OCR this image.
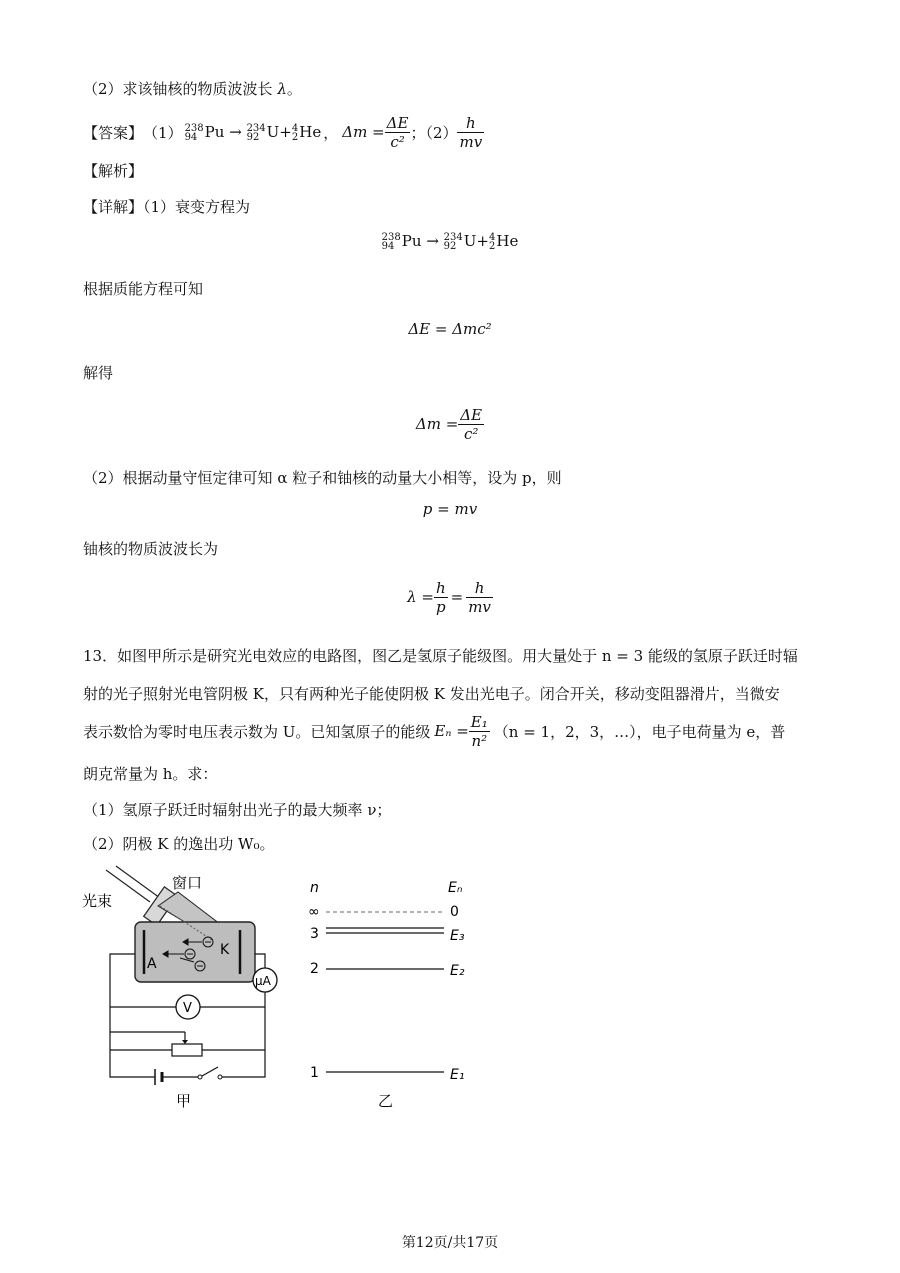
（2）求该铀核的物质波波长 λ。
【答案】 （1） 238
94 Pu → 234
92 U+ 4
2 He ， $\Delta m = \frac{\Delta E}{\text{c²}}$ ；$(2) \frac{h}{mv}$
【解析】
【详解】（1）衰变方程为
238
94 Pu → 234
92 U+ 4
2 He
根据质能方程可知
ΔE = Δmc²
解得
$\Delta m = \frac{\Delta E}{\text{c²}}$
（2）根据动量守恒定律可知 α 粒子和铀核的动量大小相等，设为 p，则
p = mv
铀核的物质波波长为
$\lambda = \frac{h}{p} = \frac{h}{mv}$
13．如图甲所示是研究光电效应的电路图，图乙是氢原子能级图。用大量处于 n = 3 能级的氢原子跃迁时辐
射的光子照射光电管阴极 K，只有两种光子能使阴极 K 发出光电子。闭合开关，移动变阻器滑片，当微安
表示数恰为零时电压表示数为 U。已知氢原子的能级 $E_n = \frac{\text{E₁}}{\text{n²}} (n = 1$，2，3，…），电子电荷量为 e，普
朗克常量为 h。求：
（1）氢原子跃迁时辐射出光子的最大频率 ν；
（2）阴极 K 的逸出功 W₀。
光束
窗口
A
K
μA
V
甲
n	Eₙ
∞	0
3	E₃
2	E₂
1	E₁
乙
第12页/共17页
